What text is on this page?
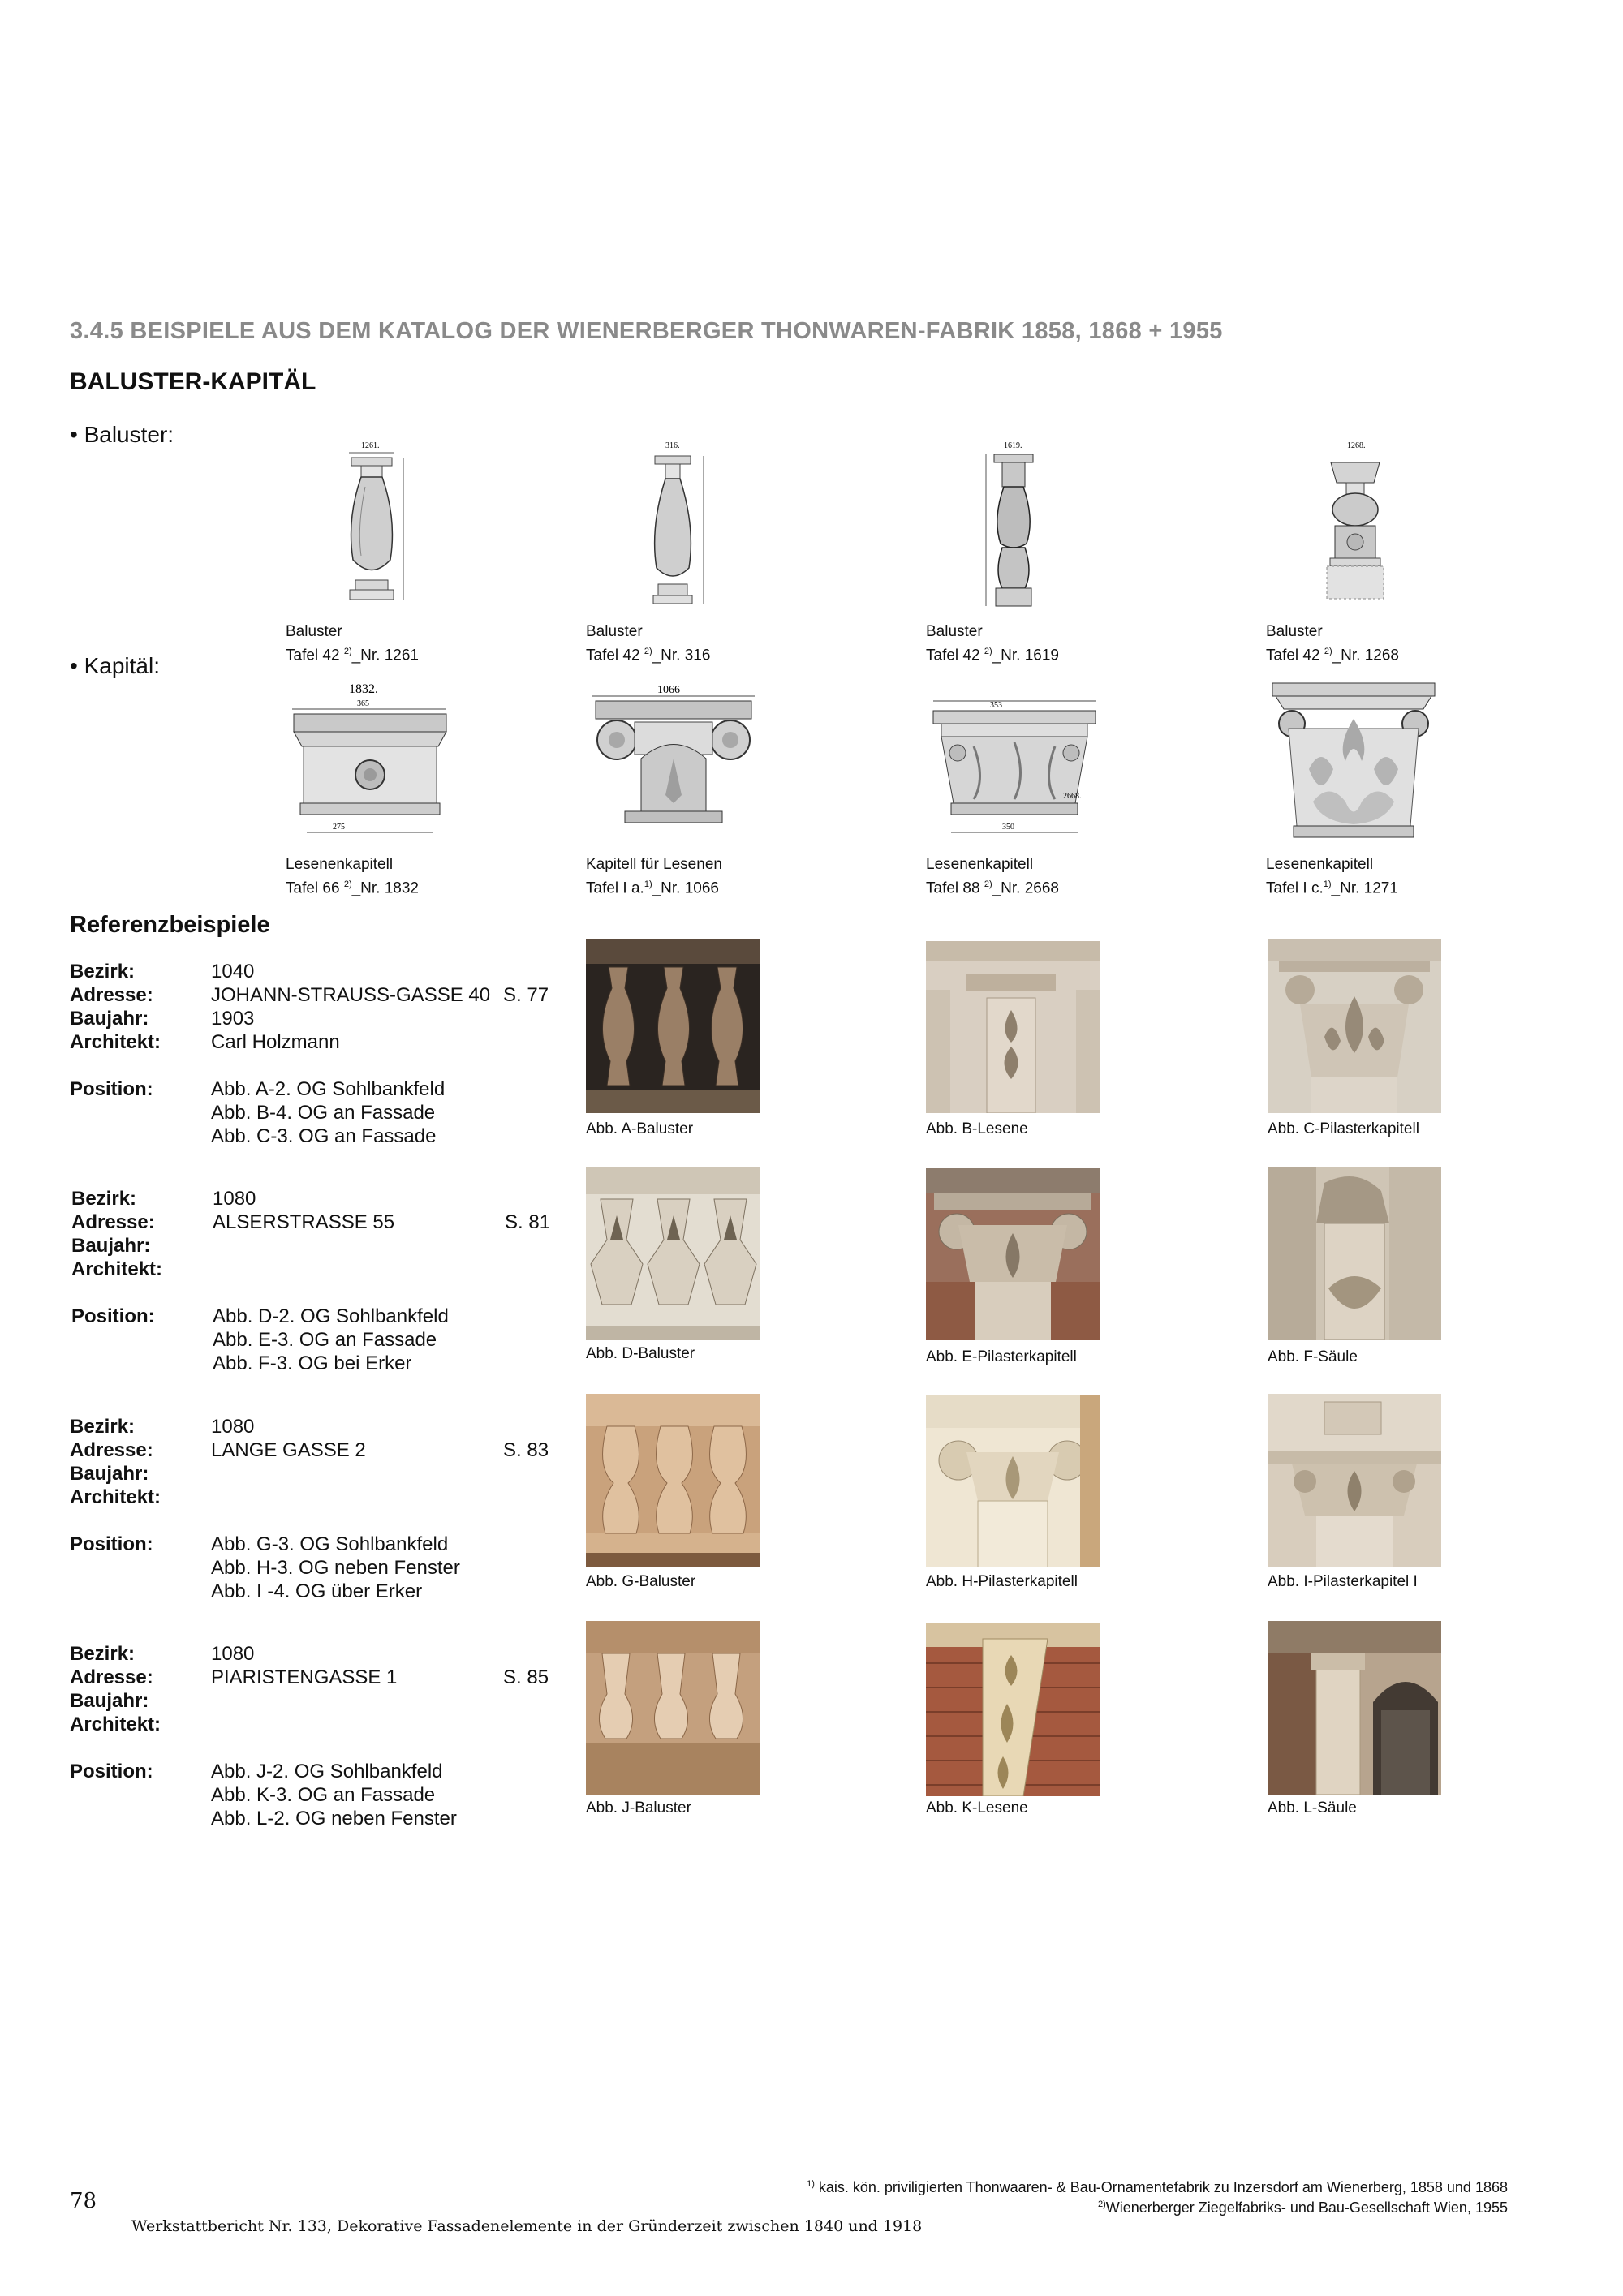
3.4.5 BEISPIELE AUS DEM KATALOG DER WIENERBERGER THONWAREN-FABRIK 1858, 1868 + 1955
BALUSTER-KAPITÄL
• Baluster:
• Kapitäl:
1261.	316.	1619.	1268.
Baluster
Tafel 42 $^{2)}$_Nr. 1261
Baluster
Tafel 42 $^{2)}$_Nr. 316
Baluster
Tafel 42 $^{2)}$_Nr. 1619
Baluster
Tafel 42 $^{2)}$_Nr. 1268
1832.
365
275
1066
353
2668.
350
Lesenenkapitell
Tafel 66 $^{2)}$_Nr. 1832
Kapitell für Lesenen
Tafel I a.$^{1)}$_Nr. 1066
Lesenenkapitell
Tafel 88 $^{2)}$_Nr. 2668
Lesenenkapitell
Tafel I c.$^{1)}$_Nr. 1271
Referenzbeispiele
Bezirk:	1040
Adresse:	JOHANN-STRAUSS-GASSE 40 S. 77
Baujahr:	1903
Architekt:	Carl Holzmann
Position:	Abb. A-2. OG Sohlbankfeld
Abb. B-4. OG an Fassade
Abb. C-3. OG an Fassade
Bezirk:	1080
Adresse:	ALSERSTRASSE 55	S. 81
Baujahr:
Architekt:
Position:	Abb. D-2. OG Sohlbankfeld
Abb. E-3. OG an Fassade
Abb. F-3. OG bei Erker
Bezirk:	1080
Adresse:	LANGE GASSE 2	S. 83
Baujahr:
Architekt:
Position:	Abb. G-3. OG Sohlbankfeld
Abb. H-3. OG neben Fenster
Abb. I -4. OG über Erker
Bezirk:	1080
Adresse:	PIARISTENGASSE 1	S. 85
Baujahr:
Architekt:
Position:	Abb. J-2. OG Sohlbankfeld
Abb. K-3. OG an Fassade
Abb. L-2. OG neben Fenster
Abb. A-Baluster	Abb. B-Lesene	Abb. C-Pilasterkapitell
Abb. D-Baluster	Abb. E-Pilasterkapitell	Abb. F-Säule
Abb. G-Baluster	Abb. H-Pilasterkapitell	Abb. I-Pilasterkapitel I
Abb. J-Baluster	Abb. K-Lesene	Abb. L-Säule
$^{1)}$ kais. kön. priviligierten Thonwaaren- & Bau-Ornamentefabrik zu Inzersdorf am Wienerberg, 1858 und 1868
$^{2)}$Wienerberger Ziegelfabriks- und Bau-Gesellschaft Wien, 1955
78
Werkstattbericht Nr. 133, Dekorative Fassadenelemente in der Gründerzeit zwischen 1840 und 1918
